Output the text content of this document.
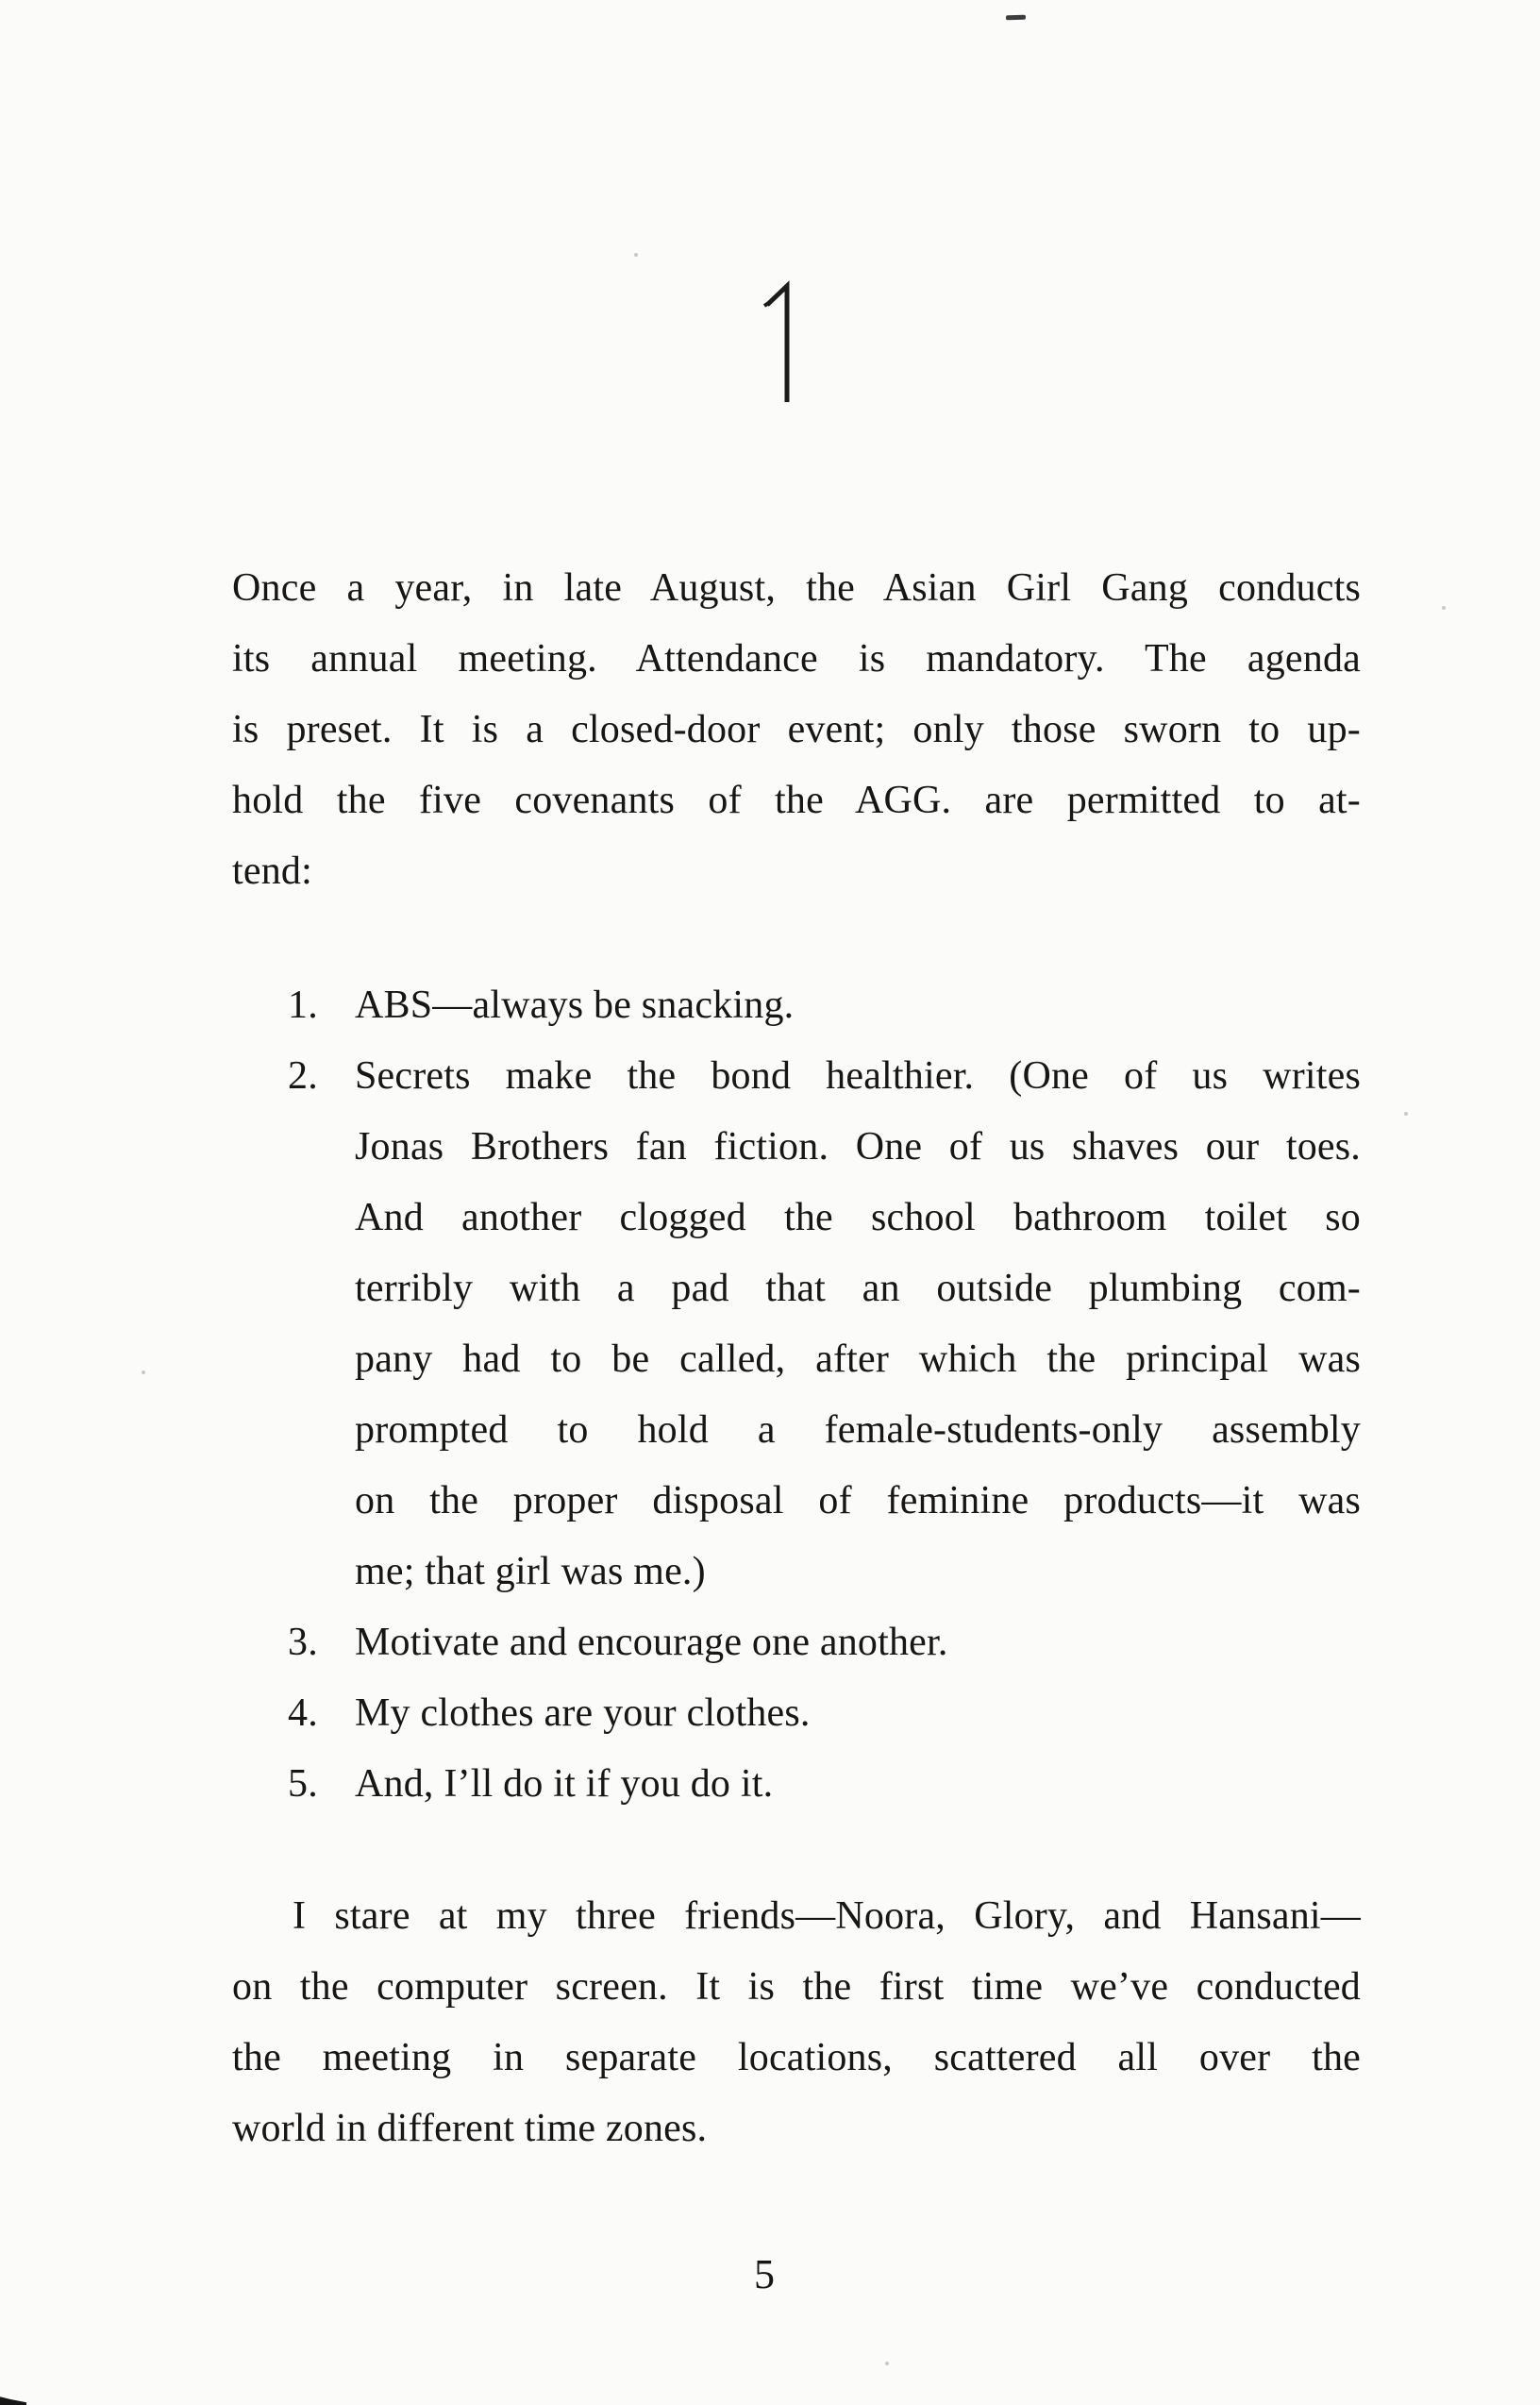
Once a year, in late August, the Asian Girl Gang conducts
its annual meeting. Attendance is mandatory. The agenda
is preset. It is a closed-door event; only those sworn to up-
hold the five covenants of the AGG. are permitted to at-
tend:
1. ABS—always be snacking.
2. Secrets make the bond healthier. (One of us writes
Jonas Brothers fan fiction. One of us shaves our toes.
And another clogged the school bathroom toilet so
terribly with a pad that an outside plumbing com-
pany had to be called, after which the principal was
prompted to hold a female-students-only assembly
on the proper disposal of feminine products—it was
me; that girl was me.)
3. Motivate and encourage one another.
4. My clothes are your clothes.
5. And, I’ll do it if you do it.
I stare at my three friends—Noora, Glory, and Hansani—
on the computer screen. It is the first time we’ve conducted
the meeting in separate locations, scattered all over the
world in different time zones.
5
